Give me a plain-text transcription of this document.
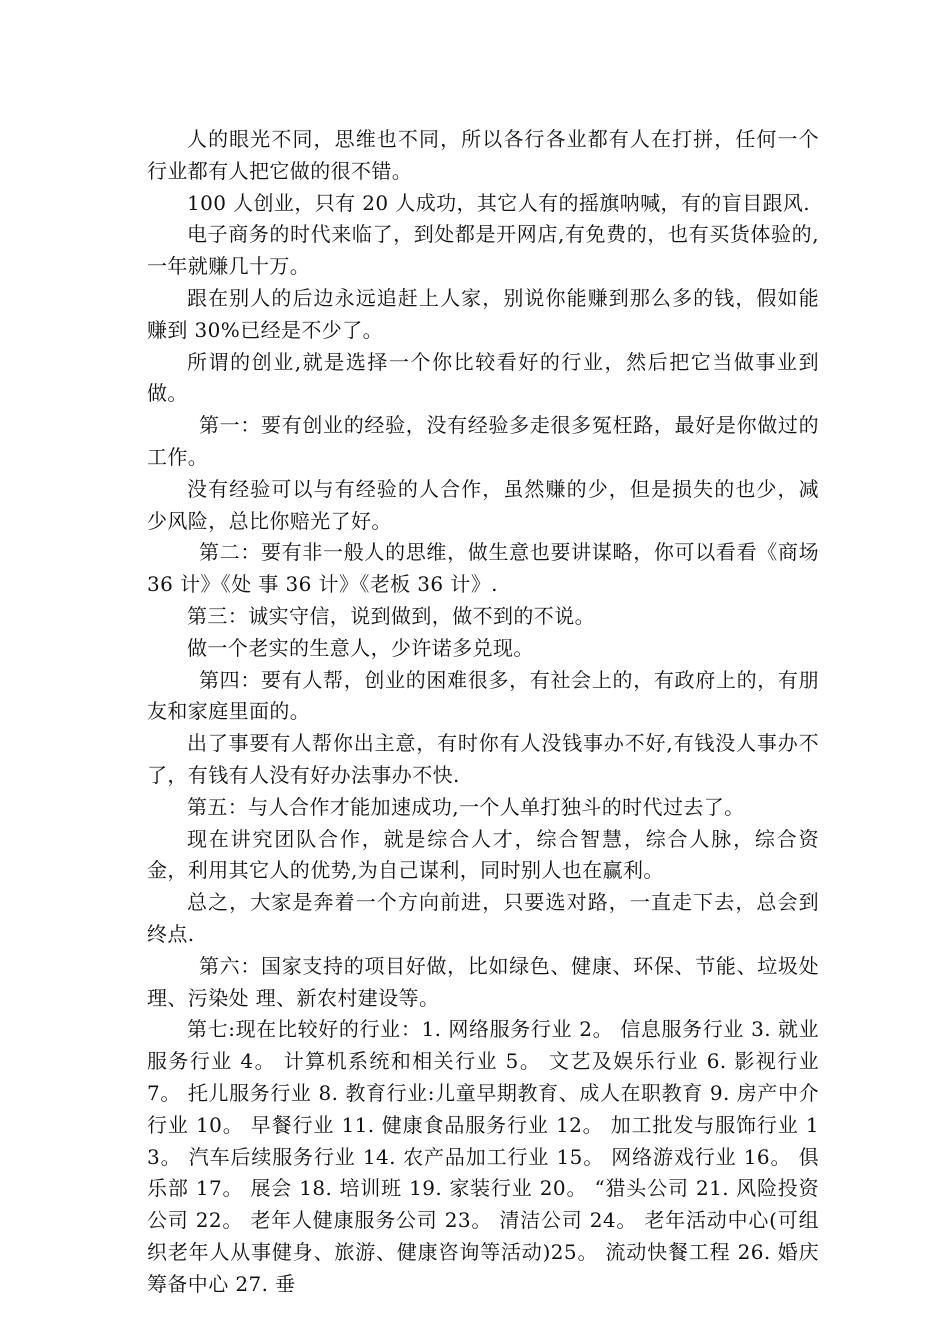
人的眼光不同，思维也不同，所以各行各业都有人在打拼，任何一个行业都有人把它做的很不错。

100 人创业，只有 20 人成功，其它人有的摇旗呐喊，有的盲目跟风.

电子商务的时代来临了，到处都是开网店,有免费的，也有买货体验的,一年就赚几十万。

跟在别人的后边永远追赶上人家，别说你能赚到那么多的钱，假如能赚到 30%已经是不少了。

所谓的创业,就是选择一个你比较看好的行业，然后把它当做事业到做。

第一：要有创业的经验，没有经验多走很多冤枉路，最好是你做过的工作。

没有经验可以与有经验的人合作，虽然赚的少，但是损失的也少，减少风险，总比你赔光了好。

第二：要有非一般人的思维，做生意也要讲谋略，你可以看看《商场 36 计》《处 事 36 计》《老板 36 计》.

第三：诚实守信，说到做到，做不到的不说。

做一个老实的生意人，少许诺多兑现。

第四：要有人帮，创业的困难很多，有社会上的，有政府上的，有朋友和家庭里面的。

出了事要有人帮你出主意，有时你有人没钱事办不好,有钱没人事办不了，有钱有人没有好办法事办不快.

第五：与人合作才能加速成功,一个人单打独斗的时代过去了。

现在讲究团队合作，就是综合人才，综合智慧，综合人脉，综合资金，利用其它人的优势,为自己谋利，同时别人也在赢利。

总之，大家是奔着一个方向前进，只要选对路，一直走下去，总会到终点.

第六：国家支持的项目好做，比如绿色、健康、环保、节能、垃圾处理、污染处 理、新农村建设等。

第七:现在比较好的行业：1. 网络服务行业 2。 信息服务行业 3. 就业服务行业 4。 计算机系统和相关行业 5。 文艺及娱乐行业 6. 影视行业 7。 托儿服务行业 8. 教育行业:儿童早期教育、成人在职教育 9. 房产中介行业 10。 早餐行业 11. 健康食品服务行业 12。 加工批发与服饰行业 13。 汽车后续服务行业 14. 农产品加工行业 15。 网络游戏行业 16。 俱乐部 17。 展会 18. 培训班 19. 家装行业 20。 “猎头公司 21. 风险投资公司 22。 老年人健康服务公司 23。 清洁公司 24。 老年活动中心(可组织老年人从事健身、旅游、健康咨询等活动)25。 流动快餐工程 26. 婚庆筹备中心 27. 垂
